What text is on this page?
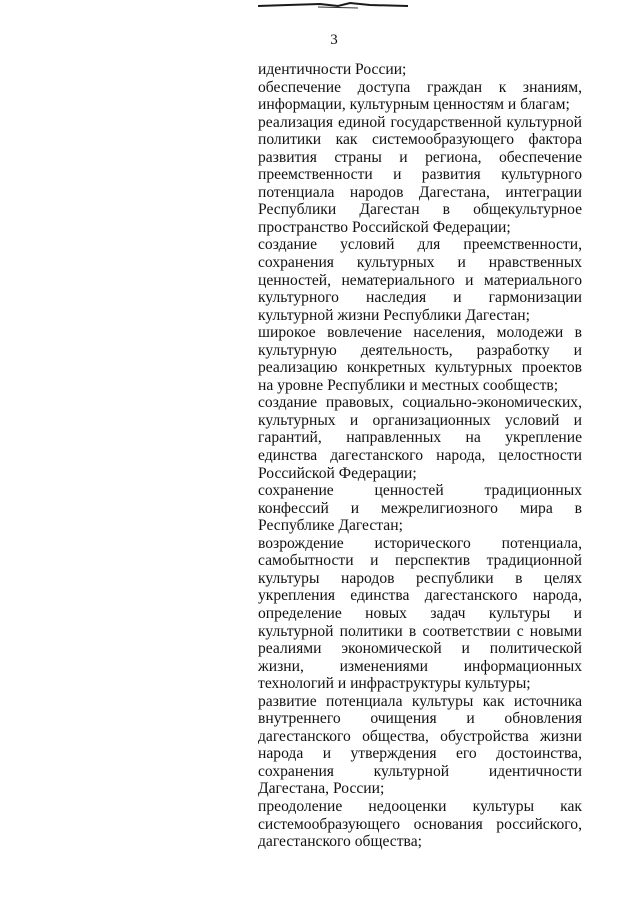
3

идентичности России;

обеспечение доступа граждан к знаниям, информации, культурным ценностям и благам;

реализация единой государственной культурной политики как системообразующего фактора развития страны и региона, обеспечение преемственности и развития культурного потенциала народов Дагестана, интеграции Республики Дагестан в общекультурное пространство Российской Федерации;

создание условий для преемственности, сохранения культурных и нравственных ценностей, нематериального и материального культурного наследия и гармонизации культурной жизни Республики Дагестан;

широкое вовлечение населения, молодежи в культурную деятельность, разработку и реализацию конкретных культурных проектов на уровне Республики и местных сообществ;

создание правовых, социально-экономических, культурных и организационных условий и гарантий, направленных на укрепление единства дагестанского народа, целостности Российской Федерации;

сохранение ценностей традиционных конфессий и межрелигиозного мира в Республике Дагестан;

возрождение исторического потенциала, самобытности и перспектив традиционной культуры народов республики в целях укрепления единства дагестанского народа, определение новых задач культуры и культурной политики в соответствии с новыми реалиями экономической и политической жизни, изменениями информационных технологий и инфраструктуры культуры;

развитие потенциала культуры как источника внутреннего очищения и обновления дагестанского общества, обустройства жизни народа и утверждения его достоинства, сохранения культурной идентичности Дагестана, России;

преодоление недооценки культуры как системообразующего основания российского, дагестанского общества;
